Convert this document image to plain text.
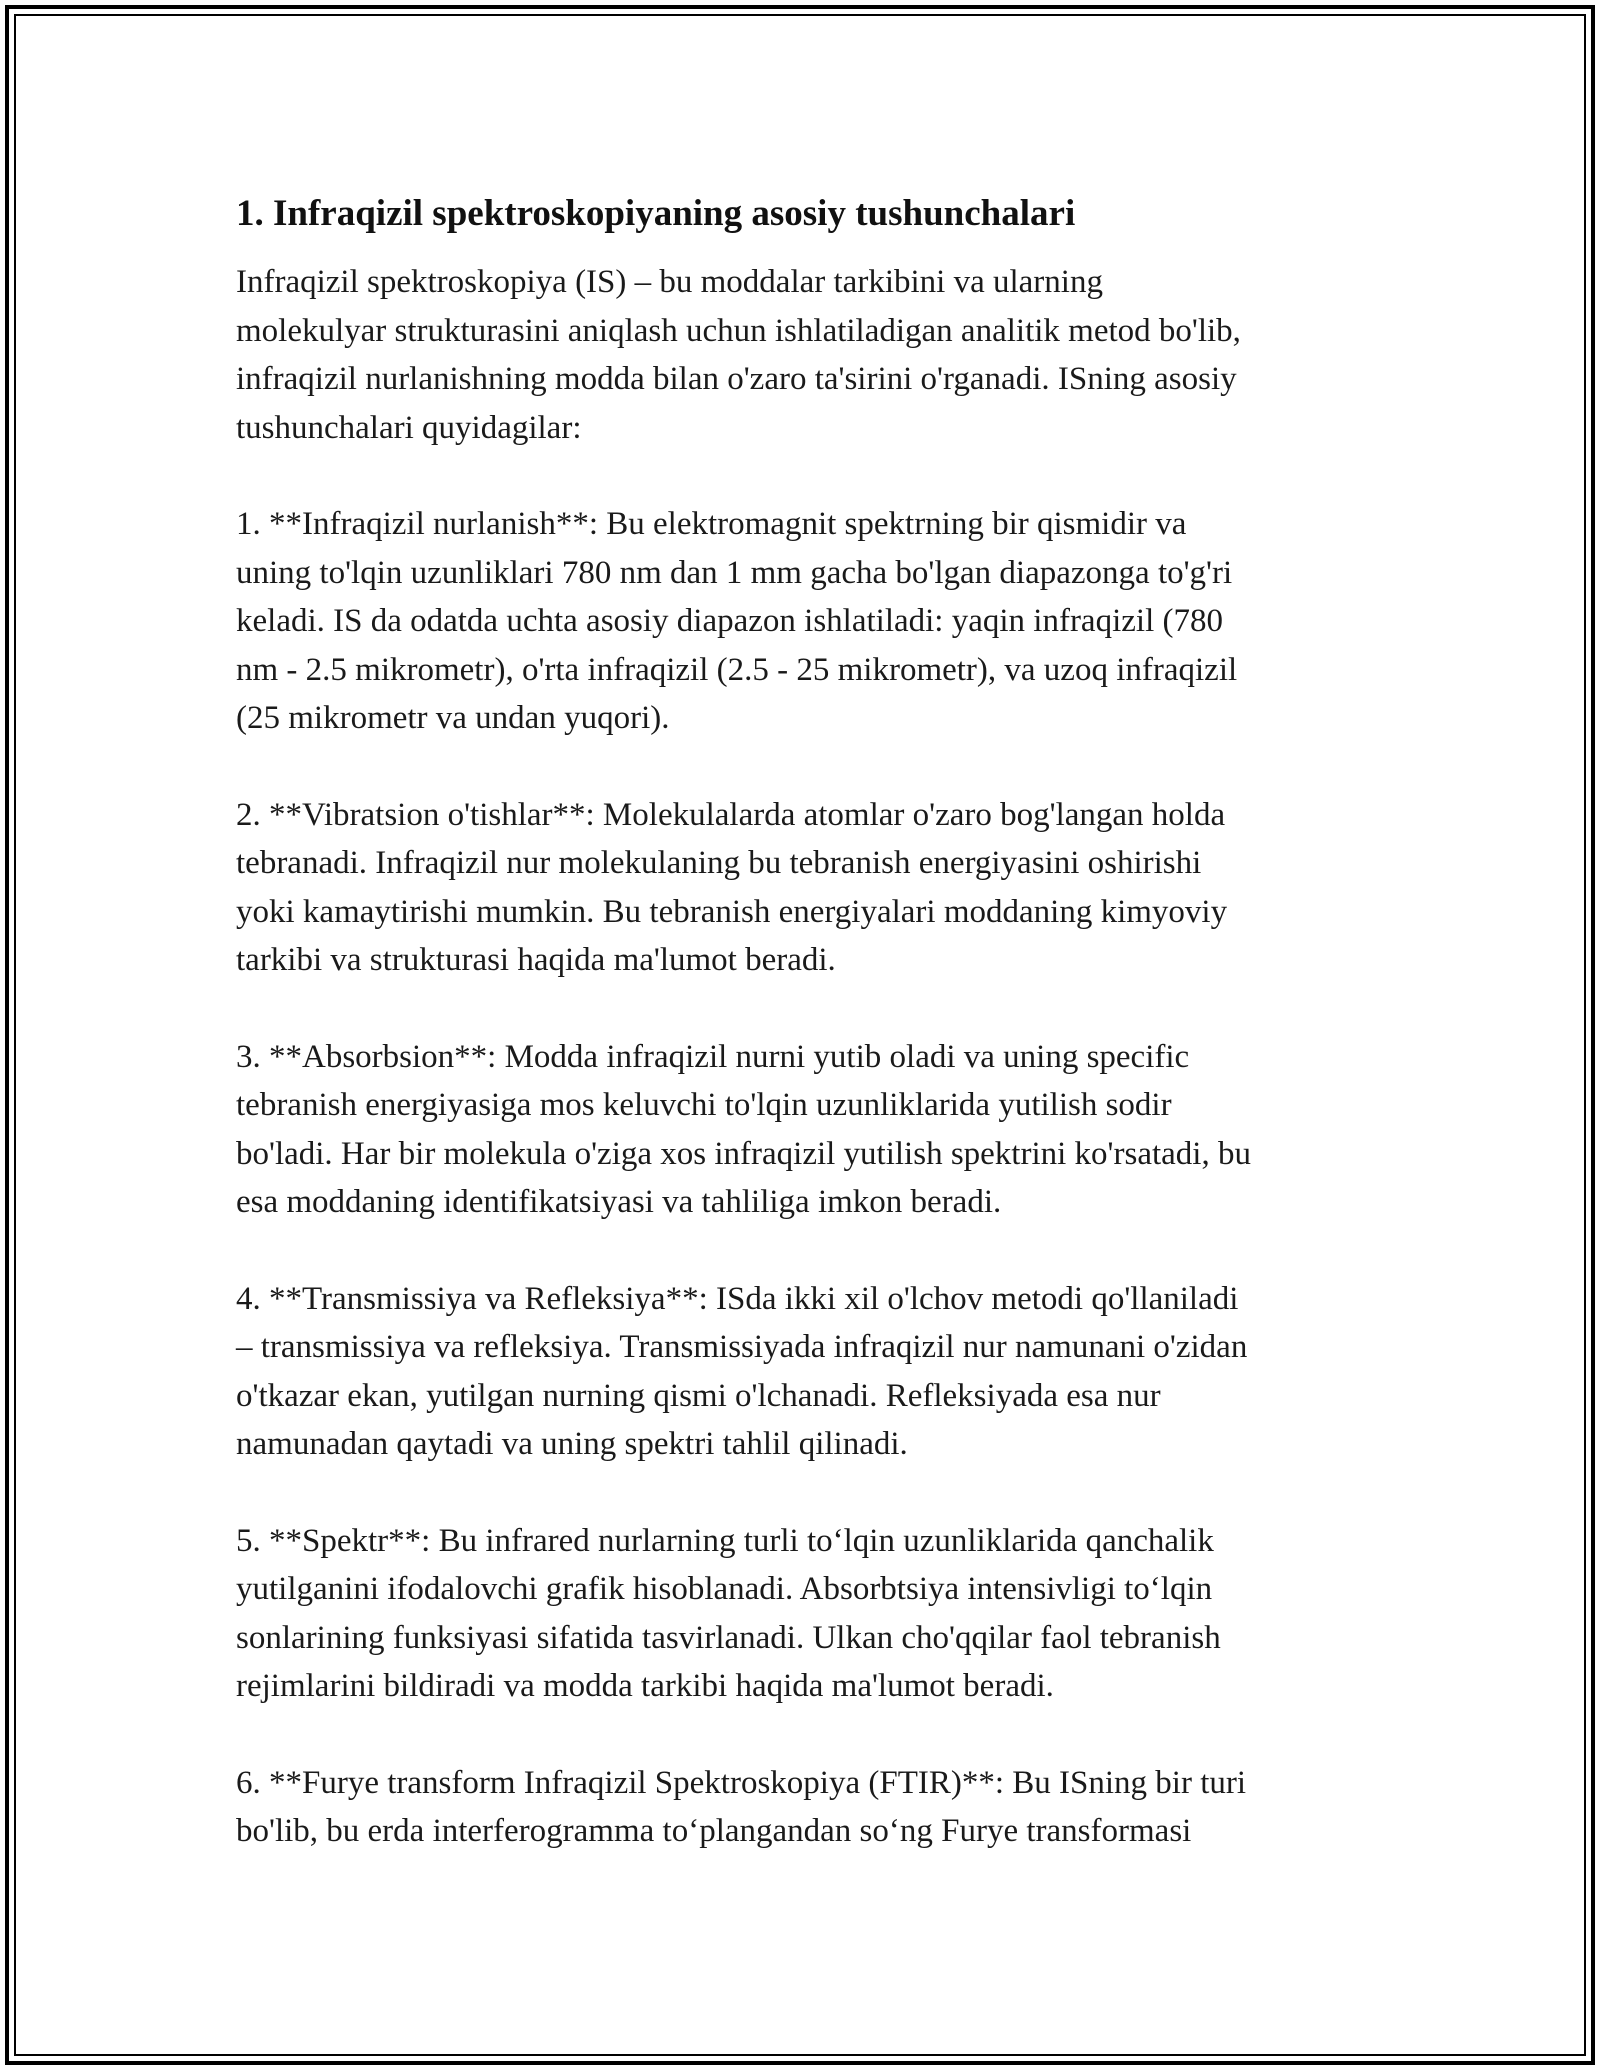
1. Infraqizil spektroskopiyaning asosiy tushunchalari

Infraqizil spektroskopiya (IS) – bu moddalar tarkibini va ularning
molekulyar strukturasini aniqlash uchun ishlatiladigan analitik metod bo'lib,
infraqizil nurlanishning modda bilan o'zaro ta'sirini o'rganadi. ISning asosiy
tushunchalari quyidagilar:

1. **Infraqizil nurlanish**: Bu elektromagnit spektrning bir qismidir va
uning to'lqin uzunliklari 780 nm dan 1 mm gacha bo'lgan diapazonga to'g'ri
keladi. IS da odatda uchta asosiy diapazon ishlatiladi: yaqin infraqizil (780
nm - 2.5 mikrometr), o'rta infraqizil (2.5 - 25 mikrometr), va uzoq infraqizil
(25 mikrometr va undan yuqori).

2. **Vibratsion o'tishlar**: Molekulalarda atomlar o'zaro bog'langan holda
tebranadi. Infraqizil nur molekulaning bu tebranish energiyasini oshirishi
yoki kamaytirishi mumkin. Bu tebranish energiyalari moddaning kimyoviy
tarkibi va strukturasi haqida ma'lumot beradi.

3. **Absorbsion**: Modda infraqizil nurni yutib oladi va uning specific
tebranish energiyasiga mos keluvchi to'lqin uzunliklarida yutilish sodir
bo'ladi. Har bir molekula o'ziga xos infraqizil yutilish spektrini ko'rsatadi, bu
esa moddaning identifikatsiyasi va tahliliga imkon beradi.

4. **Transmissiya va Refleksiya**: ISda ikki xil o'lchov metodi qo'llaniladi
– transmissiya va refleksiya. Transmissiyada infraqizil nur namunani o'zidan
o'tkazar ekan, yutilgan nurning qismi o'lchanadi. Refleksiyada esa nur
namunadan qaytadi va uning spektri tahlil qilinadi.

5. **Spektr**: Bu infrared nurlarning turli to‘lqin uzunliklarida qanchalik
yutilganini ifodalovchi grafik hisoblanadi. Absorbtsiya intensivligi to‘lqin
sonlarining funksiyasi sifatida tasvirlanadi. Ulkan cho'qqilar faol tebranish
rejimlarini bildiradi va modda tarkibi haqida ma'lumot beradi.

6. **Furye transform Infraqizil Spektroskopiya (FTIR)**: Bu ISning bir turi
bo'lib, bu erda interferogramma to‘plangandan so‘ng Furye transformasi
